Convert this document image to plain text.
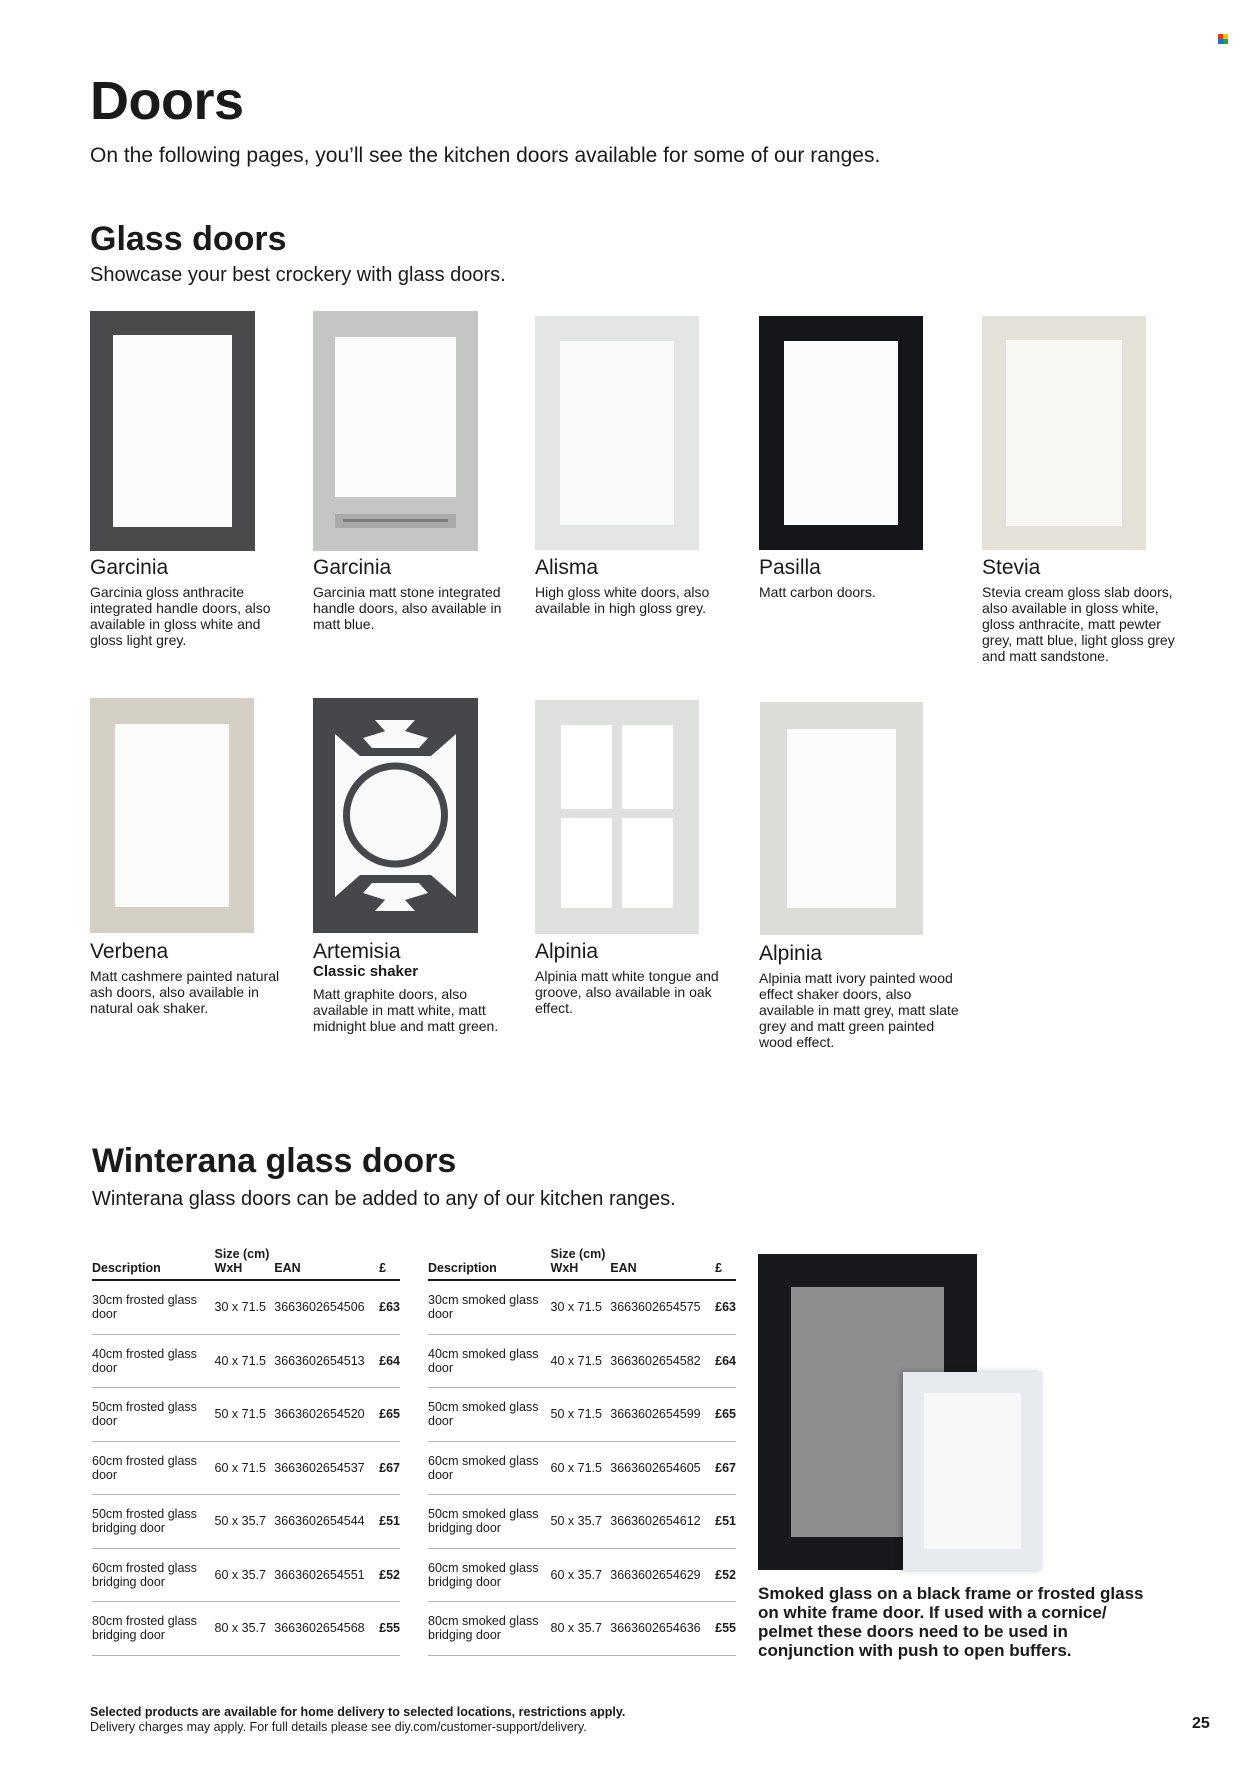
Doors
On the following pages, you’ll see the kitchen doors available for some of our ranges.
Glass doors
Showcase your best crockery with glass doors.
Garcinia
Garcinia gloss anthracite integrated handle doors, also available in gloss white and gloss light grey.
Garcinia
Garcinia matt stone integrated handle doors, also available in matt blue.
Alisma
High gloss white doors, also available in high gloss grey.
Pasilla
Matt carbon doors.
Stevia
Stevia cream gloss slab doors, also available in gloss white, gloss anthracite, matt pewter grey, matt blue, light gloss grey and matt sandstone.
Verbena
Matt cashmere painted natural ash doors, also available in natural oak shaker.
Artemisia
Classic shaker
Matt graphite doors, also available in matt white, matt midnight blue and matt green.
Alpinia
Alpinia matt white tongue and groove, also available in oak effect.
Alpinia
Alpinia matt ivory painted wood effect shaker doors, also available in matt grey, matt slate grey and matt green painted wood effect.
Winterana glass doors
Winterana glass doors can be added to any of our kitchen ranges.
Description	Size (cm)
WxH	EAN	£
30cm frosted glass door	30 x 71.5	3663602654506	£63
40cm frosted glass door	40 x 71.5	3663602654513	£64
50cm frosted glass door	50 x 71.5	3663602654520	£65
60cm frosted glass door	60 x 71.5	3663602654537	£67
50cm frosted glass bridging door	50 x 35.7	3663602654544	£51
60cm frosted glass bridging door	60 x 35.7	3663602654551	£52
80cm frosted glass bridging door	80 x 35.7	3663602654568	£55
Description	Size (cm)
WxH	EAN	£
30cm smoked glass door	30 x 71.5	3663602654575	£63
40cm smoked glass door	40 x 71.5	3663602654582	£64
50cm smoked glass door	50 x 71.5	3663602654599	£65
60cm smoked glass door	60 x 71.5	3663602654605	£67
50cm smoked glass bridging door	50 x 35.7	3663602654612	£51
60cm smoked glass bridging door	60 x 35.7	3663602654629	£52
80cm smoked glass bridging door	80 x 35.7	3663602654636	£55
Smoked glass on a black frame or frosted glass on white frame door. If used with a cornice/ pelmet these doors need to be used in conjunction with push to open buffers.
Selected products are available for home delivery to selected locations, restrictions apply.
Delivery charges may apply. For full details please see diy.com/customer-support/delivery.	25
